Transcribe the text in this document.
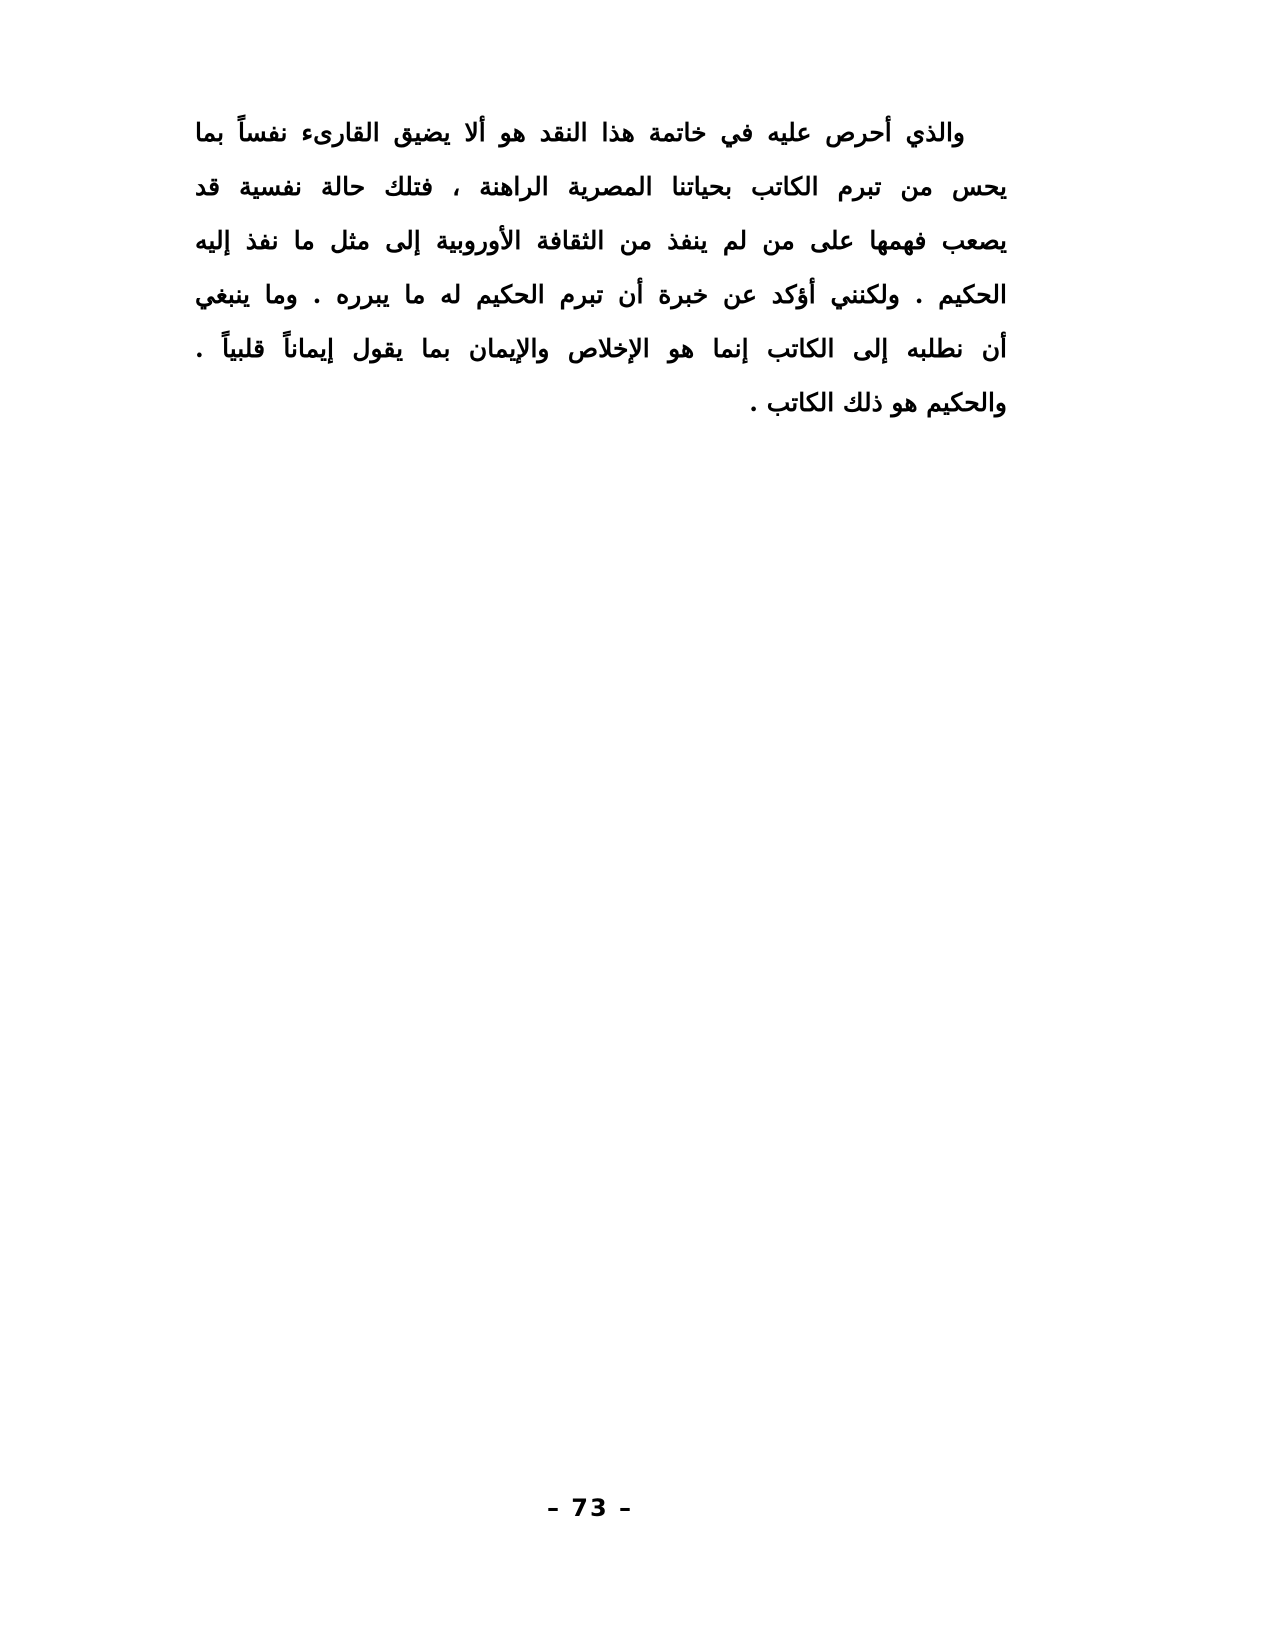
والذي أحرص عليه في خاتمة هذا النقد هو ألا يضيق القارىء نفساً بما
يحس من تبرم الكاتب بحياتنا المصرية الراهنة ، فتلك حالة نفسية قد
يصعب فهمها على من لم ينفذ من الثقافة الأوروبية إلى مثل ما نفذ إليه
الحكيم . ولكنني أؤكد عن خبرة أن تبرم الحكيم له ما يبرره . وما ينبغي
أن نطلبه إلى الكاتب إنما هو الإخلاص والإيمان بما يقول إيماناً قلبياً .
والحكيم هو ذلك الكاتب .
– 73 –
